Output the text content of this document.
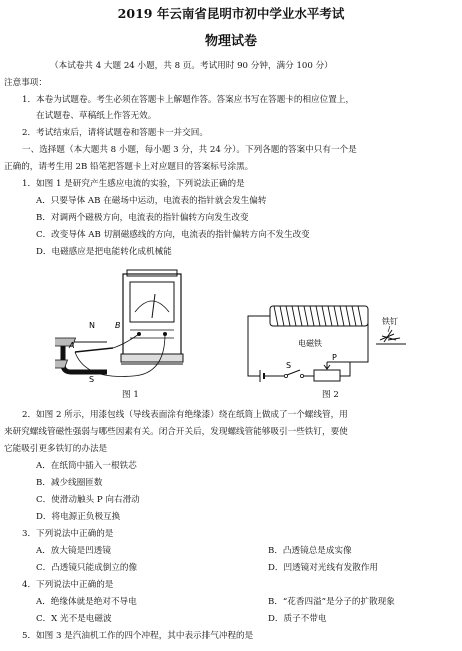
2019 年云南省昆明市初中学业水平考试
物理试卷
（本试卷共 4 大题 24 小题，共 8 页。考试用时 90 分钟，满分 100 分）
注意事项：
1．本卷为试题卷。考生必须在答题卡上解题作答。答案应书写在答题卡的相应位置上，
在试题卷、草稿纸上作答无效。
2．考试结束后，请将试题卷和答题卡一并交回。
一、选择题（本大题共 8 小题，每小题 3 分，共 24 分）。下列各题的答案中只有一个是
正确的，请考生用 2B 铅笔把答题卡上对应题目的答案标号涂黑。
1．如图 1 是研究产生感应电流的实验，下列说法正确的是
A．只要导体 AB 在磁场中运动，电流表的指针就会发生偏转
B．对调两个磁极方向，电流表的指针偏转方向发生改变
C．改变导体 AB 切割磁感线的方向，电流表的指针偏转方向不发生改变
D．电磁感应是把电能转化成机械能
N	B
A
S
图 1
铁钉
电磁铁
P
S
图 2
2．如图 2 所示，用漆包线（导线表面涂有绝缘漆）绕在纸筒上做成了一个螺线管，用
来研究螺线管磁性强弱与哪些因素有关。闭合开关后，发现螺线管能够吸引一些铁钉，要使
它能吸引更多铁钉的办法是
A．在纸筒中插入一根铁芯
B．减少线圈匝数
C．使滑动触头 P 向右滑动
D．将电源正负极互换
3．下列说法中正确的是
A．放大镜是凹透镜	B．凸透镜总是成实像
C．凸透镜只能成倒立的像	D．凹透镜对光线有发散作用
4．下列说法中正确的是
A．绝缘体就是绝对不导电	B．“花香四溢”是分子的扩散现象
C．X 光不是电磁波	D．质子不带电
5．如图 3 是汽油机工作的四个冲程，其中表示排气冲程的是
